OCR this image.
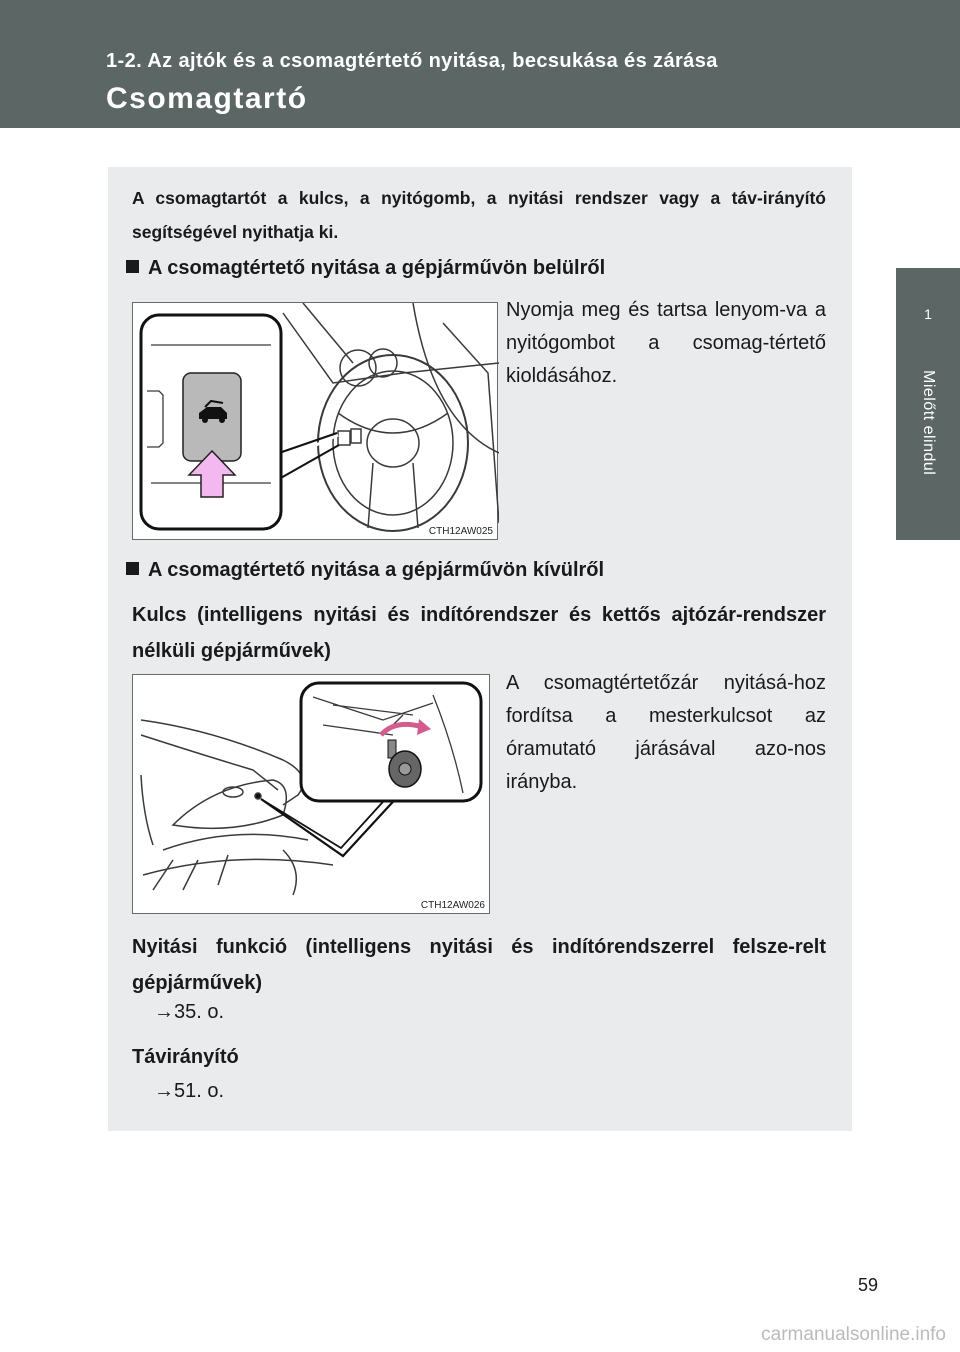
1-2. Az ajtók és a csomagtértető nyitása, becsukása és zárása
Csomagtartó
1
Mielőtt elindul
A csomagtartót a kulcs, a nyitógomb, a nyitási rendszer vagy a táv-irányító segítségével nyithatja ki.
A csomagtértető nyitása a gépjárművön belülről
CTH12AW025
Nyomja meg és tartsa lenyom-va a nyitógombot a csomag-tértető kioldásához.
A csomagtértető nyitása a gépjárművön kívülről
Kulcs (intelligens nyitási és indítórendszer és kettős ajtózár-rendszer nélküli gépjárművek)
CTH12AW026
A csomagtértetőzár nyitásá-hoz fordítsa a mesterkulcsot az óramutató járásával azo-nos irányba.
Nyitási funkció (intelligens nyitási és indítórendszerrel felsze-relt gépjárművek)
→35. o.
Távirányító
→51. o.
59
carmanualsonline.info
